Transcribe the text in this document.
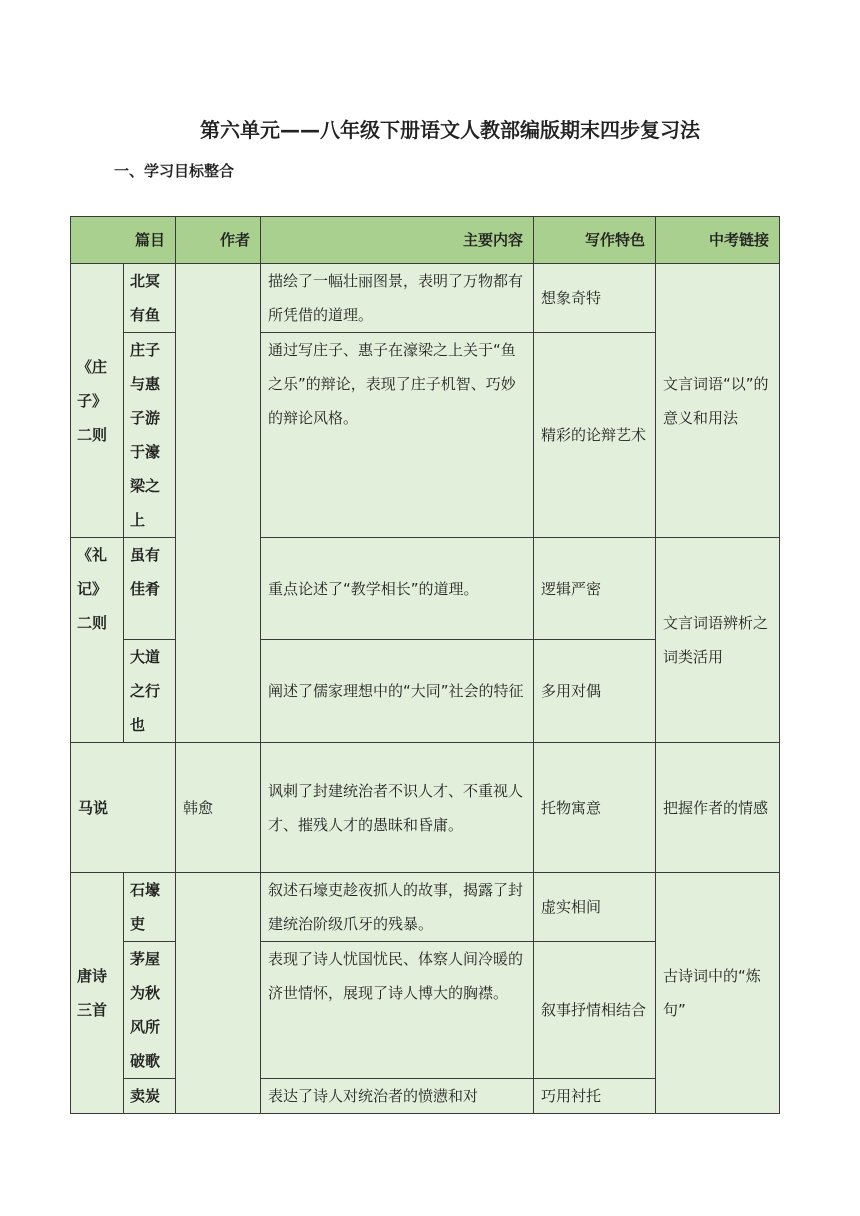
第六单元——八年级下册语文人教部编版期末四步复习法
一、学习目标整合
篇目		作者	主要内容	写作特色	中考链接
《庄子》二则	北冥有鱼		描绘了一幅壮丽图景，表明了万物都有所凭借的道理。	想象奇特	文言词语“以”的意义和用法
	庄子与惠子游于濠梁之上		通过写庄子、惠子在濠梁之上关于“鱼之乐”的辩论，表现了庄子机智、巧妙的辩论风格。	精彩的论辩艺术	
《礼记》二则	虽有佳肴		重点论述了“教学相长”的道理。	逻辑严密	文言词语辨析之词类活用
	大道之行也		阐述了儒家理想中的“大同”社会的特征	多用对偶	
马说		韩愈	讽刺了封建统治者不识人才、不重视人才、摧残人才的愚昧和昏庸。	托物寓意	把握作者的情感
唐诗三首	石壕吏		叙述石壕吏趁夜抓人的故事，揭露了封建统治阶级爪牙的残暴。	虚实相间	古诗词中的“炼句”
	茅屋为秋风所破歌		表现了诗人忧国忧民、体察人间冷暖的济世情怀，展现了诗人博大的胸襟。	叙事抒情相结合	
	卖炭		表达了诗人对统治者的愤懑和对	巧用衬托	
